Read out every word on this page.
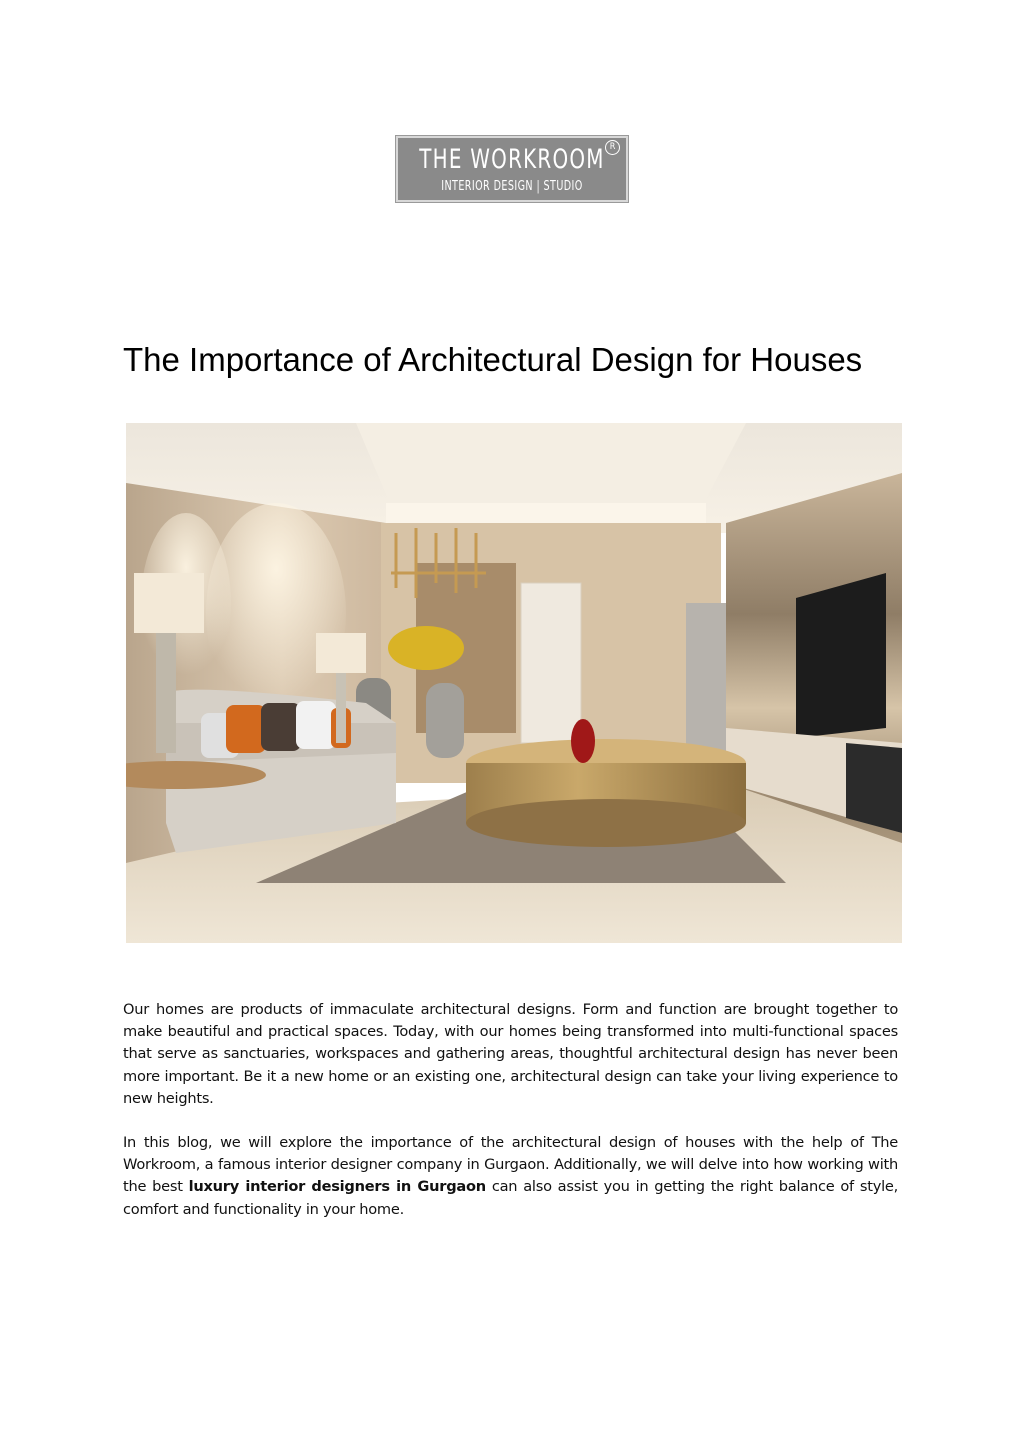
THE WORKROOM R
INTERIOR DESIGN | STUDIO
The Importance of Architectural Design for Houses

Our homes are products of immaculate architectural designs. Form and function are brought together to make beautiful and practical spaces. Today, with our homes being transformed into multi-functional spaces that serve as sanctuaries, workspaces and gathering areas, thoughtful architectural design has never been more important. Be it a new home or an existing one, architectural design can take your living experience to new heights.

In this blog, we will explore the importance of the architectural design of houses with the help of The Workroom, a famous interior designer company in Gurgaon. Additionally, we will delve into how working with the best luxury interior designers in Gurgaon can also assist you in getting the right balance of style, comfort and functionality in your home.
